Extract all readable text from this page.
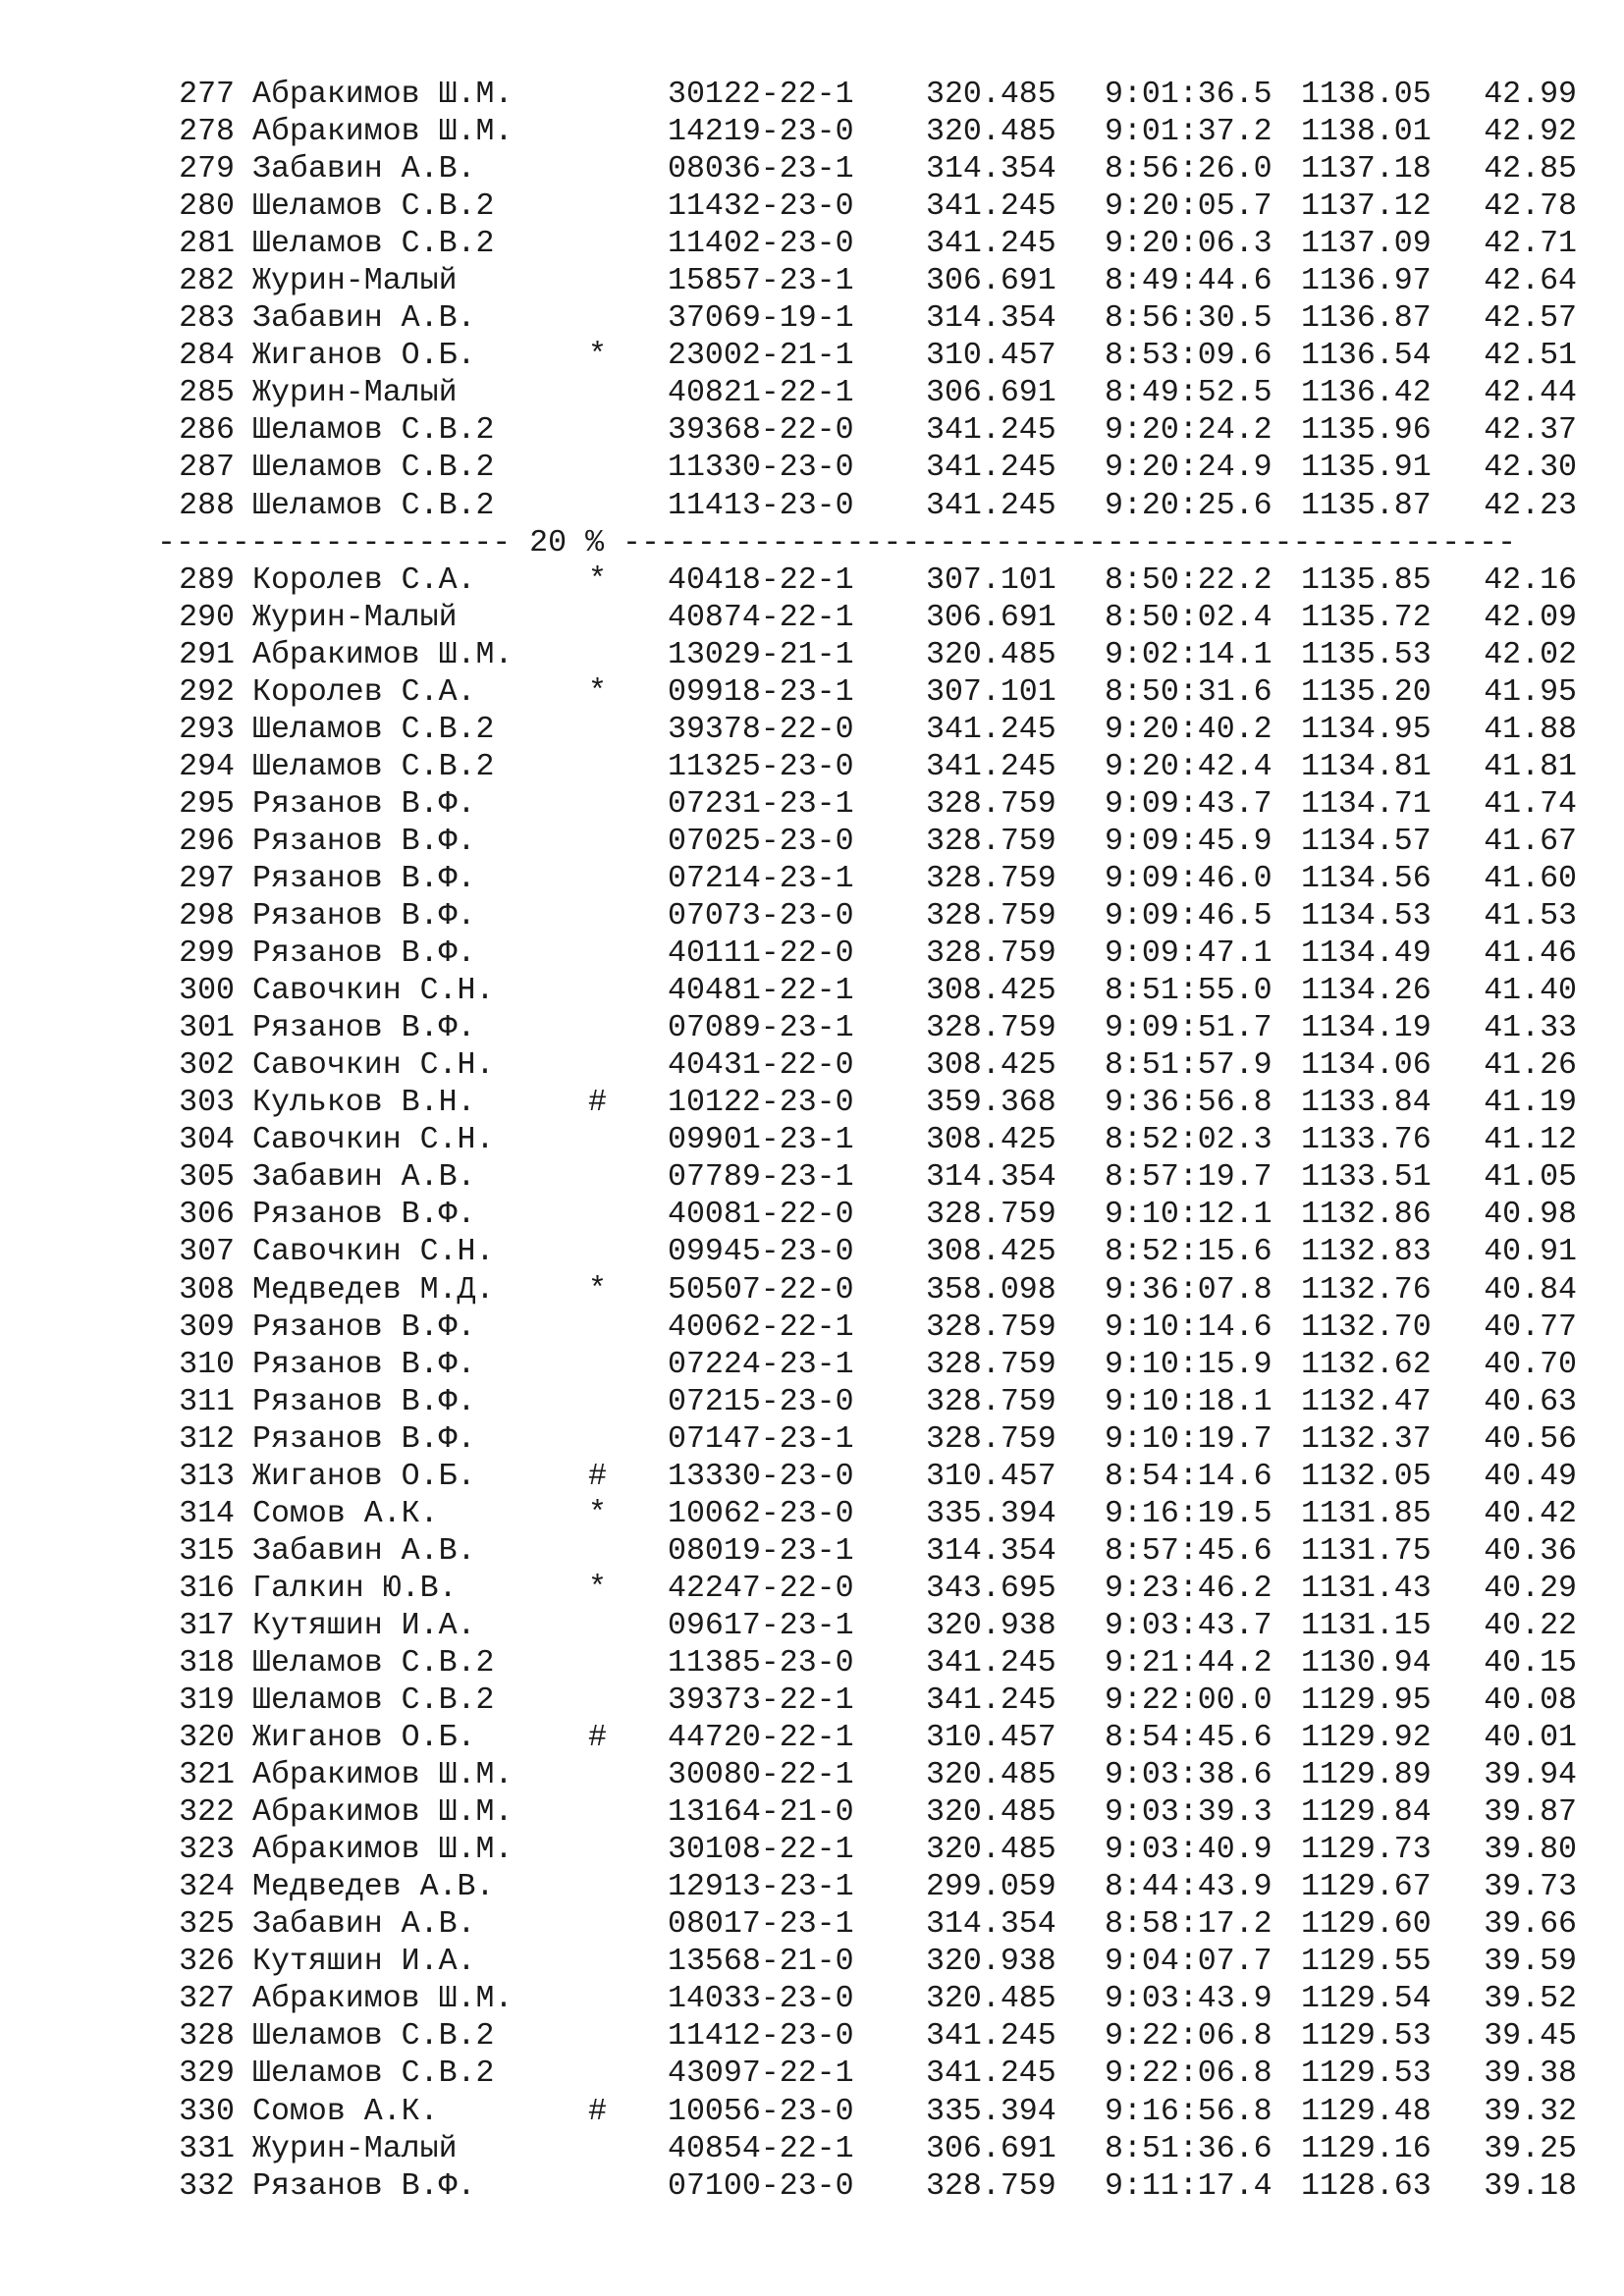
277 Абракимов Ш.М.	30122-22-1 320.485 9:01:36.5 1138.05	42.99
278 Абракимов Ш.М.	14219-23-0 320.485 9:01:37.2 1138.01	42.92
279 Забавин А.В.	08036-23-1 314.354 8:56:26.0 1137.18	42.85
280 Шеламов С.В.2	11432-23-0 341.245 9:20:05.7 1137.12	42.78
281 Шеламов С.В.2	11402-23-0 341.245 9:20:06.3 1137.09	42.71
282 Журин-Малый	15857-23-1 306.691 8:49:44.6 1136.97	42.64
283 Забавин А.В.	37069-19-1 314.354 8:56:30.5 1136.87	42.57
284 Жиганов О.Б.	* 23002-21-1 310.457 8:53:09.6 1136.54	42.51
285 Журин-Малый	40821-22-1 306.691 8:49:52.5 1136.42	42.44
286 Шеламов С.В.2	39368-22-0 341.245 9:20:24.2 1135.96	42.37
287 Шеламов С.В.2	11330-23-0 341.245 9:20:24.9 1135.91	42.30
288 Шеламов С.В.2	11413-23-0 341.245 9:20:25.6 1135.87	42.23
------------------- 20 % ------------------------------------------------
289 Королев С.А.	* 40418-22-1 307.101 8:50:22.2 1135.85	42.16
290 Журин-Малый	40874-22-1 306.691 8:50:02.4 1135.72	42.09
291 Абракимов Ш.М.	13029-21-1 320.485 9:02:14.1 1135.53	42.02
292 Королев С.А.	* 09918-23-1 307.101 8:50:31.6 1135.20	41.95
293 Шеламов С.В.2	39378-22-0 341.245 9:20:40.2 1134.95	41.88
294 Шеламов С.В.2	11325-23-0 341.245 9:20:42.4 1134.81	41.81
295 Рязанов В.Ф.	07231-23-1 328.759 9:09:43.7 1134.71	41.74
296 Рязанов В.Ф.	07025-23-0 328.759 9:09:45.9 1134.57	41.67
297 Рязанов В.Ф.	07214-23-1 328.759 9:09:46.0 1134.56	41.60
298 Рязанов В.Ф.	07073-23-0 328.759 9:09:46.5 1134.53	41.53
299 Рязанов В.Ф.	40111-22-0 328.759 9:09:47.1 1134.49	41.46
300 Савочкин С.Н.	40481-22-1 308.425 8:51:55.0 1134.26	41.40
301 Рязанов В.Ф.	07089-23-1 328.759 9:09:51.7 1134.19	41.33
302 Савочкин С.Н.	40431-22-0 308.425 8:51:57.9 1134.06	41.26
303 Кульков В.Н.	# 10122-23-0 359.368 9:36:56.8 1133.84	41.19
304 Савочкин С.Н.	09901-23-1 308.425 8:52:02.3 1133.76	41.12
305 Забавин А.В.	07789-23-1 314.354 8:57:19.7 1133.51	41.05
306 Рязанов В.Ф.	40081-22-0 328.759 9:10:12.1 1132.86	40.98
307 Савочкин С.Н.	09945-23-0 308.425 8:52:15.6 1132.83	40.91
308 Медведев М.Д.	* 50507-22-0 358.098 9:36:07.8 1132.76	40.84
309 Рязанов В.Ф.	40062-22-1 328.759 9:10:14.6 1132.70	40.77
310 Рязанов В.Ф.	07224-23-1 328.759 9:10:15.9 1132.62	40.70
311 Рязанов В.Ф.	07215-23-0 328.759 9:10:18.1 1132.47	40.63
312 Рязанов В.Ф.	07147-23-1 328.759 9:10:19.7 1132.37	40.56
313 Жиганов О.Б.	# 13330-23-0 310.457 8:54:14.6 1132.05	40.49
314 Сомов А.К.	* 10062-23-0 335.394 9:16:19.5 1131.85	40.42
315 Забавин А.В.	08019-23-1 314.354 8:57:45.6 1131.75	40.36
316 Галкин Ю.В.	* 42247-22-0 343.695 9:23:46.2 1131.43	40.29
317 Кутяшин И.А.	09617-23-1 320.938 9:03:43.7 1131.15	40.22
318 Шеламов С.В.2	11385-23-0 341.245 9:21:44.2 1130.94	40.15
319 Шеламов С.В.2	39373-22-1 341.245 9:22:00.0 1129.95	40.08
320 Жиганов О.Б.	# 44720-22-1 310.457 8:54:45.6 1129.92	40.01
321 Абракимов Ш.М.	30080-22-1 320.485 9:03:38.6 1129.89	39.94
322 Абракимов Ш.М.	13164-21-0 320.485 9:03:39.3 1129.84	39.87
323 Абракимов Ш.М.	30108-22-1 320.485 9:03:40.9 1129.73	39.80
324 Медведев А.В.	12913-23-1 299.059 8:44:43.9 1129.67	39.73
325 Забавин А.В.	08017-23-1 314.354 8:58:17.2 1129.60	39.66
326 Кутяшин И.А.	13568-21-0 320.938 9:04:07.7 1129.55	39.59
327 Абракимов Ш.М.	14033-23-0 320.485 9:03:43.9 1129.54	39.52
328 Шеламов С.В.2	11412-23-0 341.245 9:22:06.8 1129.53	39.45
329 Шеламов С.В.2	43097-22-1 341.245 9:22:06.8 1129.53	39.38
330 Сомов А.К.	# 10056-23-0 335.394 9:16:56.8 1129.48	39.32
331 Журин-Малый	40854-22-1 306.691 8:51:36.6 1129.16	39.25
332 Рязанов В.Ф.	07100-23-0 328.759 9:11:17.4 1128.63	39.18
